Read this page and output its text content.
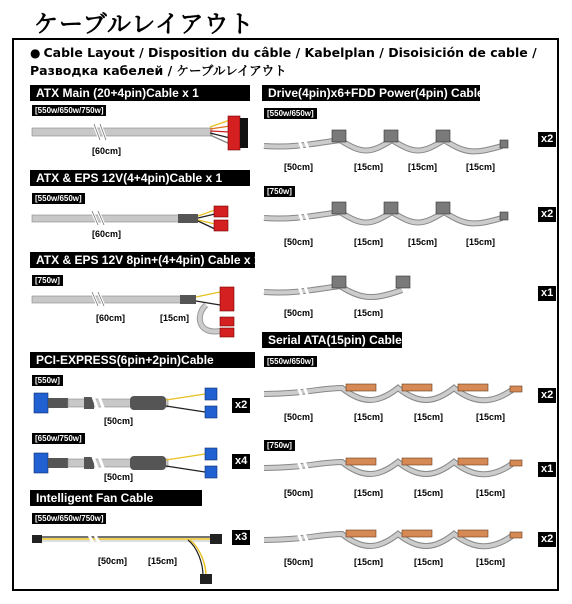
ケーブルレイアウト
● Cable Layout / Disposition du câble / Kabelplan / Disoisición de cable /
Разводка кабелей / ケーブルレイアウト
ATX Main (20+4pin)Cable x 1
[550w/650w/750w]
[60cm]
ATX & EPS 12V(4+4pin)Cable x 1
[550w/650w]
[60cm]
ATX & EPS 12V 8pin+(4+4pin) Cable x 1
[750w]
[60cm]	[15cm]
PCI-EXPRESS(6pin+2pin)Cable
[550w]
[50cm]
x2
[650w/750w]
[50cm]
x4
Intelligent Fan Cable
[550w/650w/750w]
[50cm] [15cm]
x3
Drive(4pin)x6+FDD Power(4pin) Cable
[550w/650w]
[50cm]	[15cm]	[15cm]	[15cm]
x2
[750w]
[50cm]	[15cm]	[15cm]	[15cm]
x2
[50cm]	[15cm]
x1
Serial ATA(15pin) Cable
[550w/650w]
[50cm]	[15cm]	[15cm]	[15cm]
x2
[750w]
[50cm]	[15cm]	[15cm]	[15cm]
x1
[50cm]	[15cm]	[15cm]	[15cm]
x2
